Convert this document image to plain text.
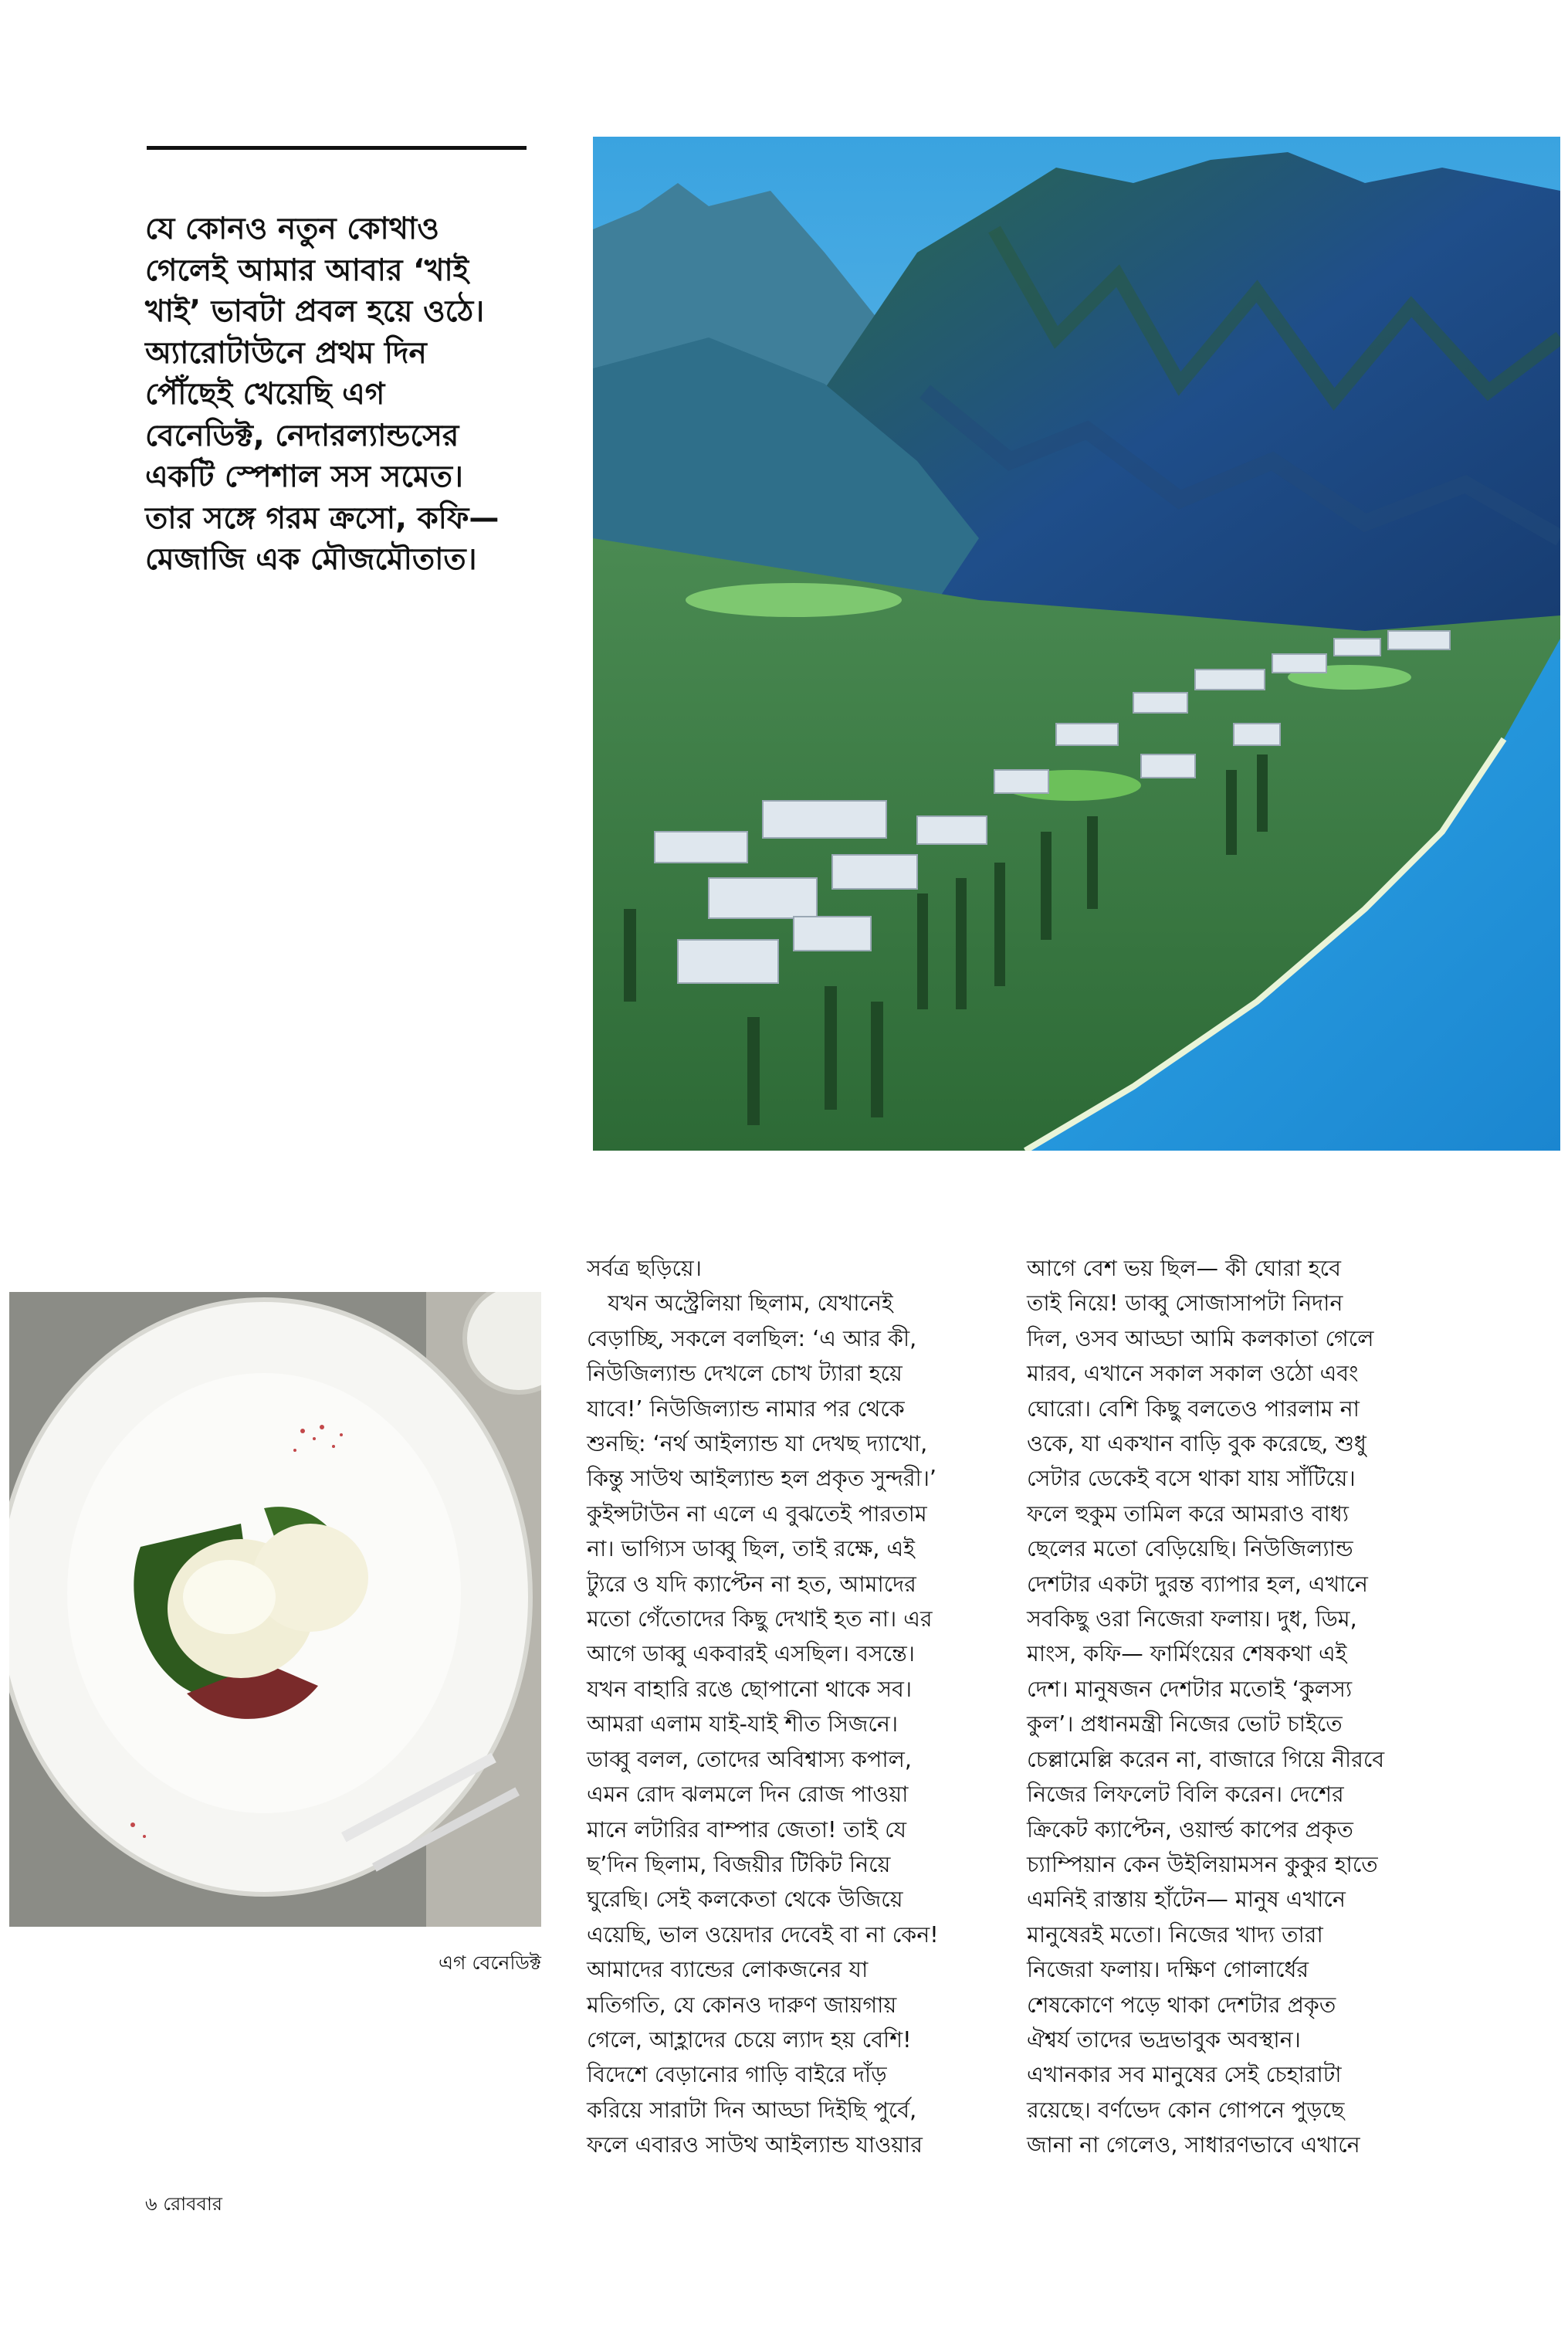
যে কোনও নতুন কোথাও
গেলেই আমার আবার ‘খাই
খাই’ ভাবটা প্রবল হয়ে ওঠে।
অ্যারোটাউনে প্রথম দিন
পৌঁছেই খেয়েছি এগ
বেনেডিক্ট, নেদারল্যান্ডসের
একটি স্পেশাল সস সমেত।
তার সঙ্গে গরম ক্রসো, কফি—
মেজাজি এক মৌজমৌতাত।
এগ বেনেডিক্ট
সর্বত্র ছড়িয়ে।
যখন অস্ট্রেলিয়া ছিলাম, যেখানেই
বেড়াচ্ছি, সকলে বলছিল: ‘এ আর কী,
নিউজিল্যান্ড দেখলে চোখ ট্যারা হয়ে
যাবে!’ নিউজিল্যান্ড নামার পর থেকে
শুনছি: ‘নর্থ আইল্যান্ড যা দেখছ দ্যাখো,
কিন্তু সাউথ আইল্যান্ড হল প্রকৃত সুন্দরী।’
কুইন্সটাউন না এলে এ বুঝতেই পারতাম
না। ভাগ্যিস ডাব্বু ছিল, তাই রক্ষে, এই
ট্যুরে ও যদি ক্যাপ্টেন না হত, আমাদের
মতো গেঁতোদের কিছু দেখাই হত না। এর
আগে ডাব্বু একবারই এসছিল। বসন্তে।
যখন বাহারি রঙে ছোপানো থাকে সব।
আমরা এলাম যাই-যাই শীত সিজনে।
ডাব্বু বলল, তোদের অবিশ্বাস্য কপাল,
এমন রোদ ঝলমলে দিন রোজ পাওয়া
মানে লটারির বাম্পার জেতা! তাই যে
ছ’দিন ছিলাম, বিজয়ীর টিকিট নিয়ে
ঘুরেছি। সেই কলকেতা থেকে উজিয়ে
এয়েছি, ভাল ওয়েদার দেবেই বা না কেন!
আমাদের ব্যান্ডের লোকজনের যা
মতিগতি, যে কোনও দারুণ জায়গায়
গেলে, আহ্লাদের চেয়ে ল্যাদ হয় বেশি!
বিদেশে বেড়ানোর গাড়ি বাইরে দাঁড়
করিয়ে সারাটা দিন আড্ডা দিইছি পুর্বে,
ফলে এবারও সাউথ আইল্যান্ড যাওয়ার
আগে বেশ ভয় ছিল— কী ঘোরা হবে
তাই নিয়ে! ডাব্বু সোজাসাপটা নিদান
দিল, ওসব আড্ডা আমি কলকাতা গেলে
মারব, এখানে সকাল সকাল ওঠো এবং
ঘোরো। বেশি কিছু বলতেও পারলাম না
ওকে, যা একখান বাড়ি বুক করেছে, শুধু
সেটার ডেকেই বসে থাকা যায় সাঁটিয়ে।
ফলে হুকুম তামিল করে আমরাও বাধ্য
ছেলের মতো বেড়িয়েছি। নিউজিল্যান্ড
দেশটার একটা দুরন্ত ব্যাপার হল, এখানে
সবকিছু ওরা নিজেরা ফলায়। দুধ, ডিম,
মাংস, কফি— ফার্মিংয়ের শেষকথা এই
দেশ। মানুষজন দেশটার মতোই ‘কুলস্য
কুল’। প্রধানমন্ত্রী নিজের ভোট চাইতে
চেল্লামেল্লি করেন না, বাজারে গিয়ে নীরবে
নিজের লিফলেট বিলি করেন। দেশের
ক্রিকেট ক্যাপ্টেন, ওয়ার্ল্ড কাপের প্রকৃত
চ্যাম্পিয়ান কেন উইলিয়ামসন কুকুর হাতে
এমনিই রাস্তায় হাঁটেন— মানুষ এখানে
মানুষেরই মতো। নিজের খাদ্য তারা
নিজেরা ফলায়। দক্ষিণ গোলার্ধের
শেষকোণে পড়ে থাকা দেশটার প্রকৃত
ঐশ্বর্য তাদের ভদ্রভাবুক অবস্থান।
এখানকার সব মানুষের সেই চেহারাটা
রয়েছে। বর্ণভেদ কোন গোপনে পুড়ছে
জানা না গেলেও, সাধারণভাবে এখানে
৬ রোববার
